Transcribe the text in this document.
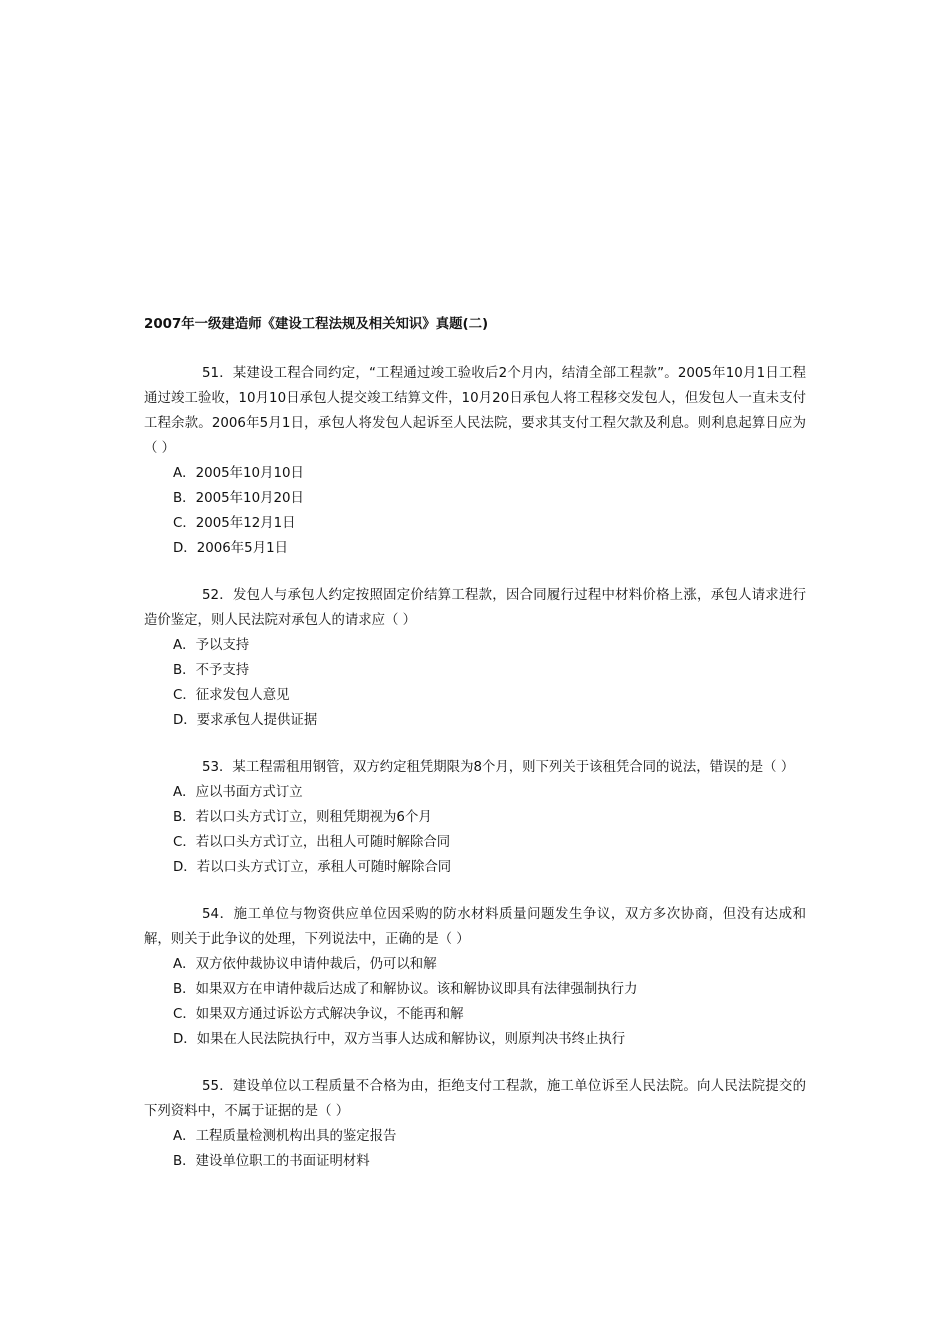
2007年一级建造师《建设工程法规及相关知识》真题(二)

51．某建设工程合同约定，“工程通过竣工验收后2个月内，结清全部工程款”。2005年10月1日工程通过竣工验收，10月10日承包人提交竣工结算文件，10月20日承包人将工程移交发包人，但发包人一直未支付工程余款。2006年5月1日，承包人将发包人起诉至人民法院，要求其支付工程欠款及利息。则利息起算日应为（ ）

A．2005年10月10日
B．2005年10月20日
C．2005年12月1日
D．2006年5月1日

52．发包人与承包人约定按照固定价结算工程款，因合同履行过程中材料价格上涨，承包人请求进行造价鉴定，则人民法院对承包人的请求应（ ）

A．予以支持
B．不予支持
C．征求发包人意见
D．要求承包人提供证据

53．某工程需租用钢管，双方约定租凭期限为8个月，则下列关于该租凭合同的说法，错误的是（ ）

A．应以书面方式订立
B．若以口头方式订立，则租凭期视为6个月
C．若以口头方式订立，出租人可随时解除合同
D．若以口头方式订立，承租人可随时解除合同

54．施工单位与物资供应单位因采购的防水材料质量问题发生争议，双方多次协商，但没有达成和解，则关于此争议的处理，下列说法中，正确的是（ ）

A．双方依仲裁协议申请仲裁后，仍可以和解
B．如果双方在申请仲裁后达成了和解协议。该和解协议即具有法律强制执行力
C．如果双方通过诉讼方式解决争议，不能再和解
D．如果在人民法院执行中，双方当事人达成和解协议，则原判决书终止执行

55．建设单位以工程质量不合格为由，拒绝支付工程款，施工单位诉至人民法院。向人民法院提交的下列资料中，不属于证据的是（ ）

A．工程质量检测机构出具的鉴定报告
B．建设单位职工的书面证明材料
